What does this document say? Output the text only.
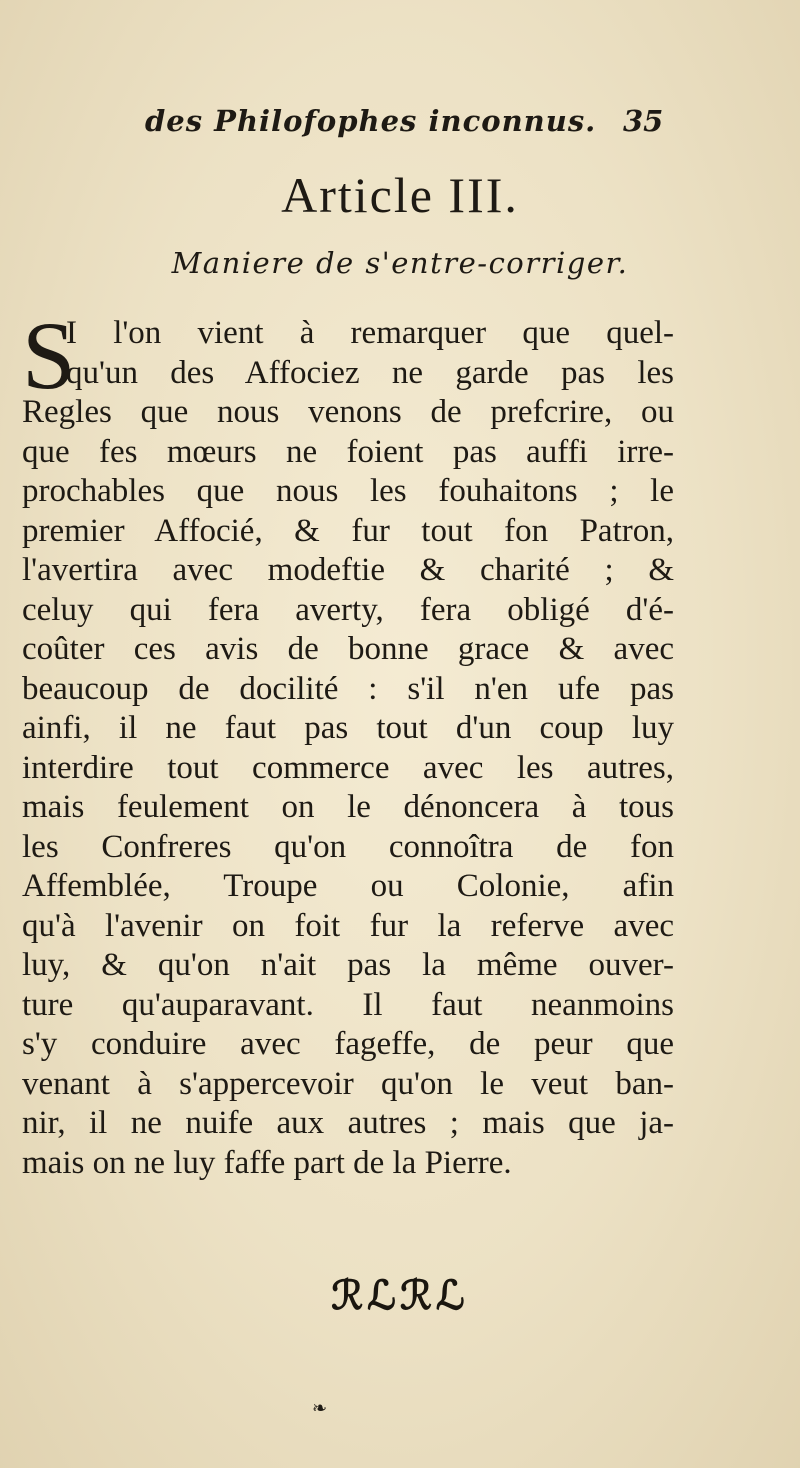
des Philofophes inconnus. 35
Article III.
Maniere de s'entre-corriger.
S
I l'on vient à remarquer que quel-
qu'un des Affociez ne garde pas les
Regles que nous venons de prefcrire, ou
que fes mœurs ne foient pas auffi irre-
prochables que nous les fouhaitons ; le
premier Affocié, & fur tout fon Patron,
l'avertira avec modeftie & charité ; &
celuy qui fera averty, fera obligé d'é-
coûter ces avis de bonne grace & avec
beaucoup de docilité : s'il n'en ufe pas
ainfi, il ne faut pas tout d'un coup luy
interdire tout commerce avec les autres,
mais feulement on le dénoncera à tous
les Confreres qu'on connoîtra de fon
Affemblée, Troupe ou Colonie, afin
qu'à l'avenir on foit fur la referve avec
luy, & qu'on n'ait pas la même ouver-
ture qu'auparavant. Il faut neanmoins
s'y conduire avec fageffe, de peur que
venant à s'appercevoir qu'on le veut ban-
nir, il ne nuife aux autres ; mais que ja-
mais on ne luy faffe part de la Pierre.
ℛℒℛℒ
❧
